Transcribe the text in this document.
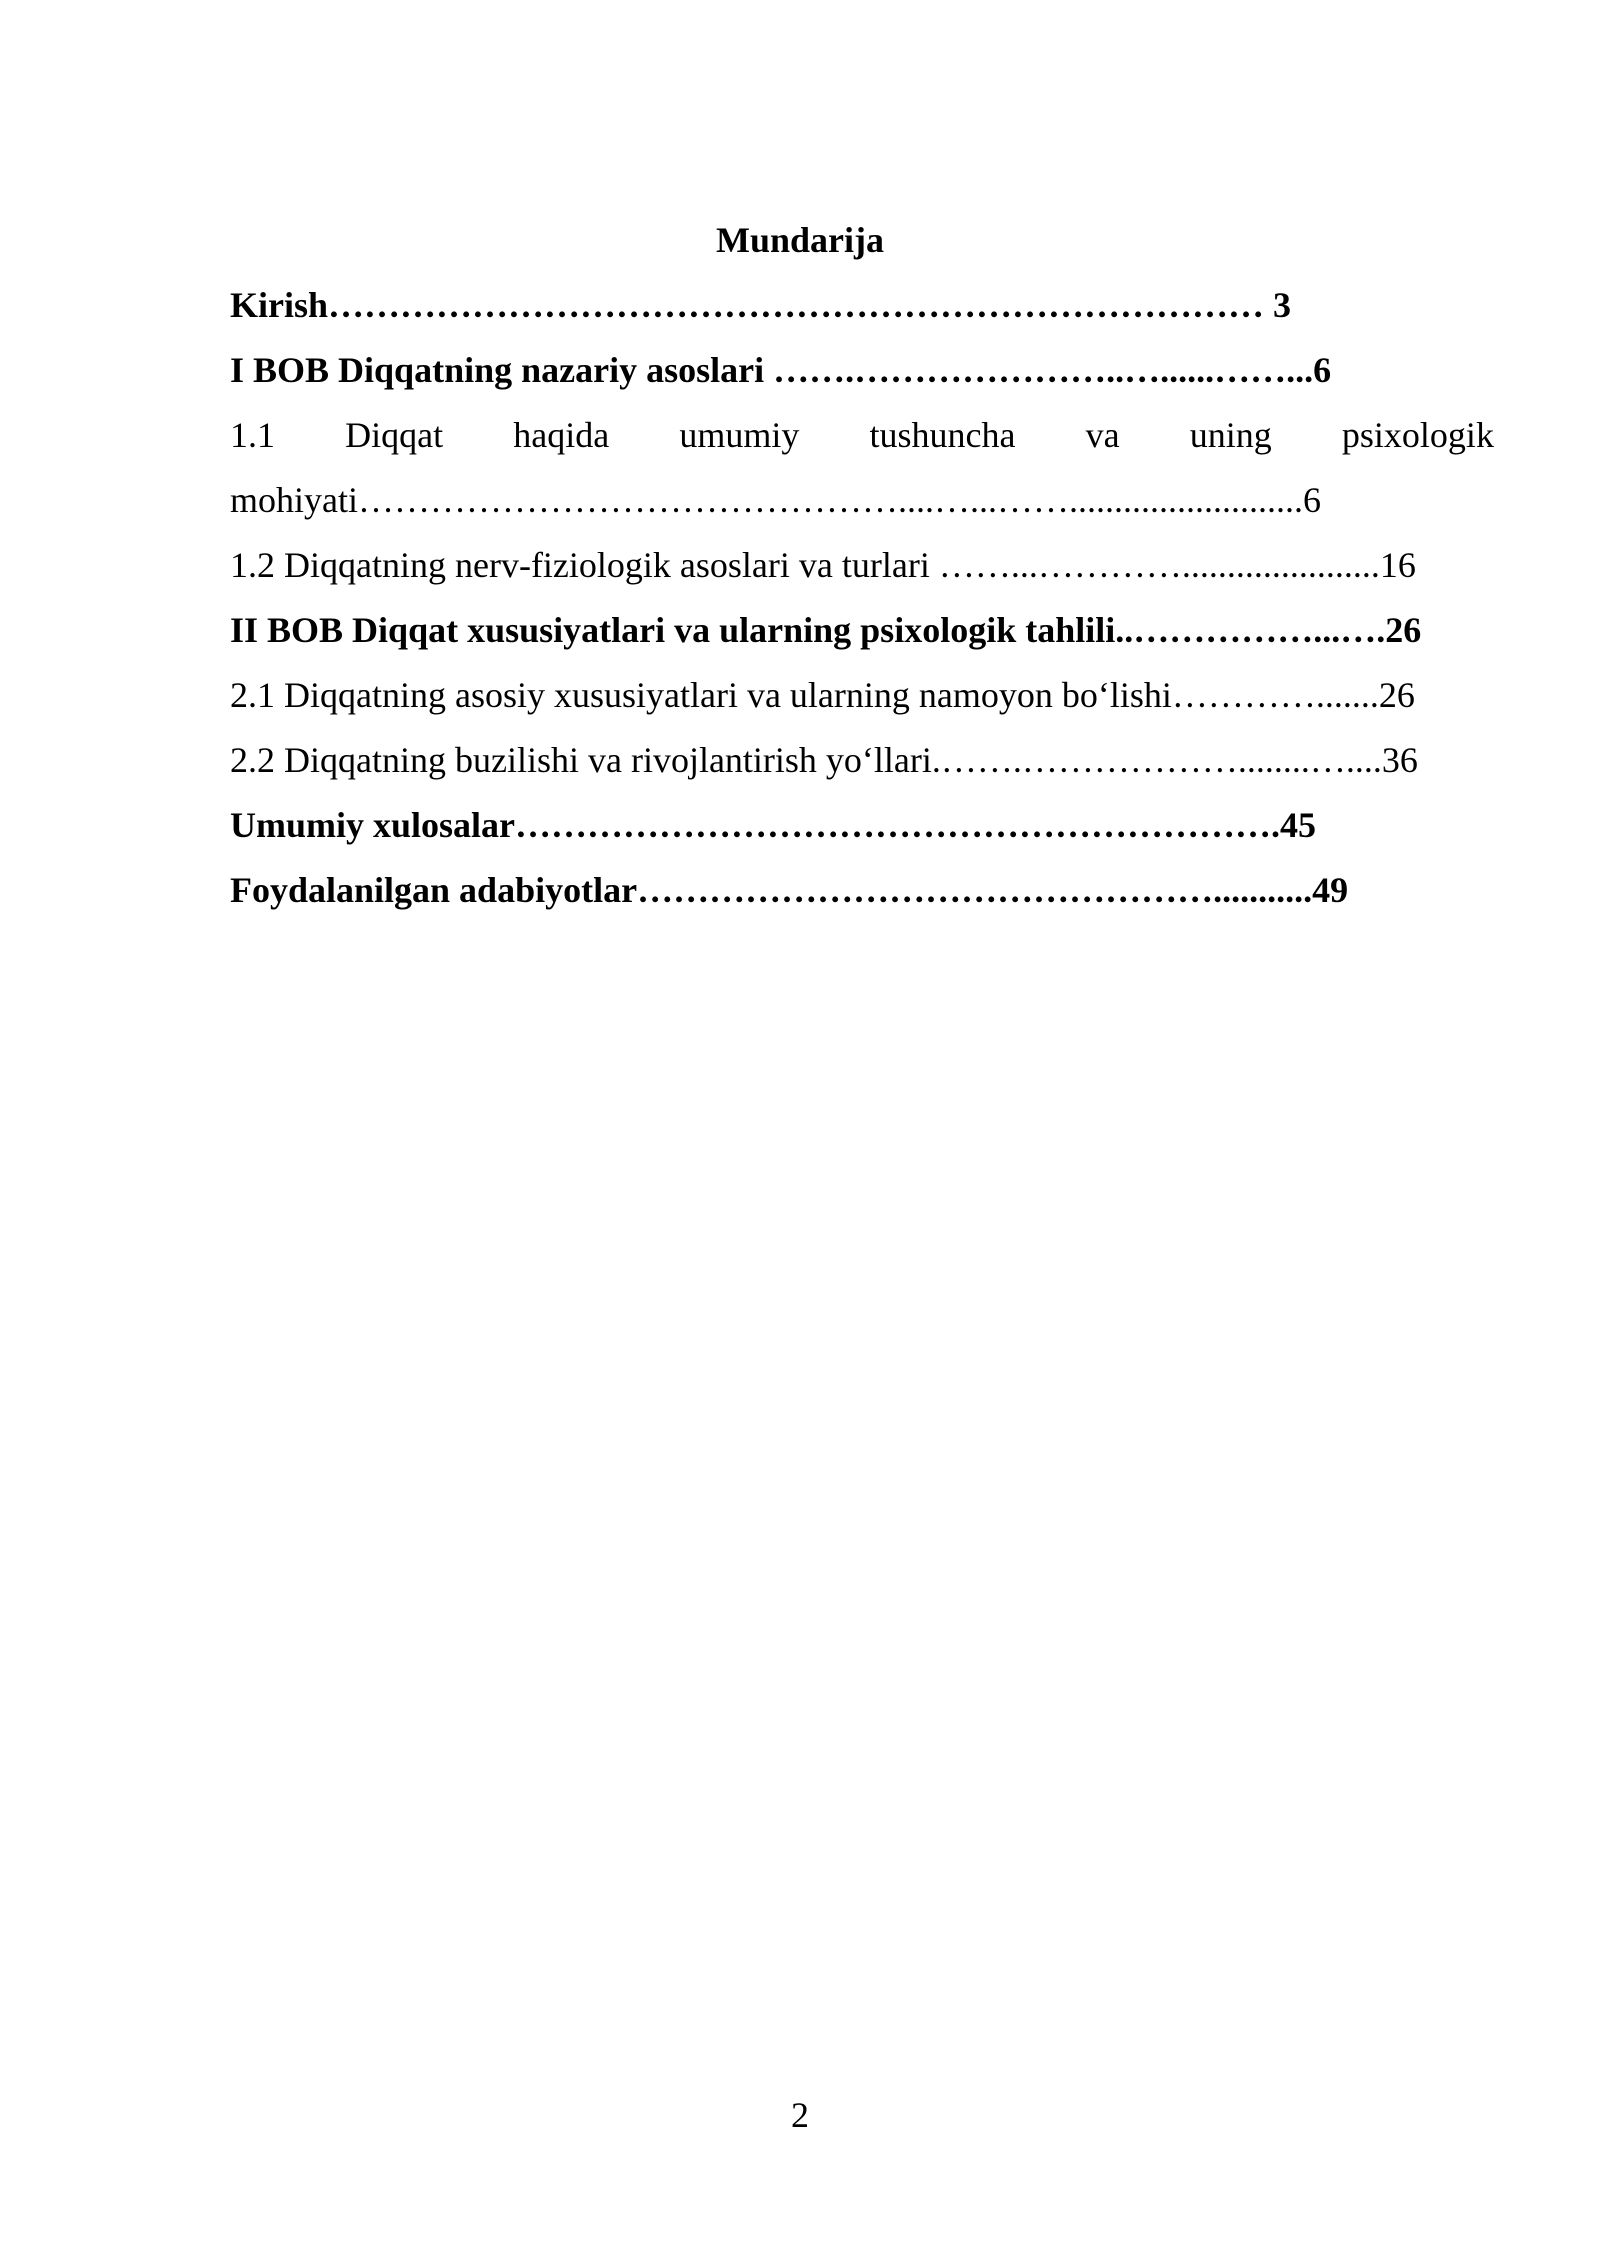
Mundarija
Kirish…………………………………………………………………… 3
I BOB Diqqatning nazariy asoslari …….…………………..…......……...6
1.1 Diqqat haqida umumiy tushuncha va uning psixologik
mohiyati………………………………………....…...……..........................6
1.2 Diqqatning nerv-fiziologik asoslari va turlari ……...…………......................16
II BOB Diqqat xususiyatlari va ularning psixologik tahlili..……………...….26
2.1 Diqqatning asosiy xususiyatlari va ularning namoyon bo‘lishi………….......26
2.2 Diqqatning buzilishi va rivojlantirish yo‘llari.…….………………........…....36
Umumiy xulosalar……………………………………………………….45
Foydalanilgan adabiyotlar…………………………………………...........49
2
